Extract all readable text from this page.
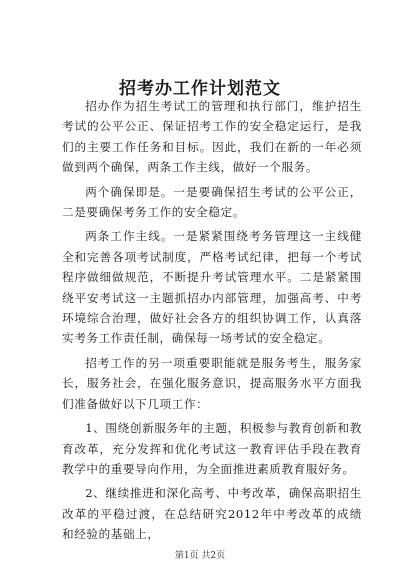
招考办工作计划范文

招办作为招生考试工的管理和执行部门，维护招生考试的公平公正、保证招考工作的安全稳定运行，是我们的主要工作任务和目标。因此，我们在新的一年必须做到两个确保，两条工作主线，做好一个服务。

两个确保即是。一是要确保招生考试的公平公正，二是要确保考务工作的安全稳定。

两条工作主线。一是紧紧围绕考务管理这一主线健全和完善各项考试制度，严格考试纪律，把每一个考试程序做细做规范，不断提升考试管理水平。二是紧紧围绕平安考试这一主题抓招办内部管理，加强高考、中考环境综合治理，做好社会各方的组织协调工作，认真落实考务工作责任制，确保每一场考试的安全稳定。

招考工作的另一项重要职能就是服务考生，服务家长，服务社会，在强化服务意识，提高服务水平方面我们准备做好以下几项工作：

1、围绕创新服务年的主题，积极参与教育创新和教育改革，充分发挥和优化考试这一教育评估手段在教育教学中的重要导向作用，为全面推进素质教育服好务。

2、继续推进和深化高考、中考改革，确保高职招生改革的平稳过渡，在总结研究2012年中考改革的成绩和经验的基础上，

第1页 共2页
